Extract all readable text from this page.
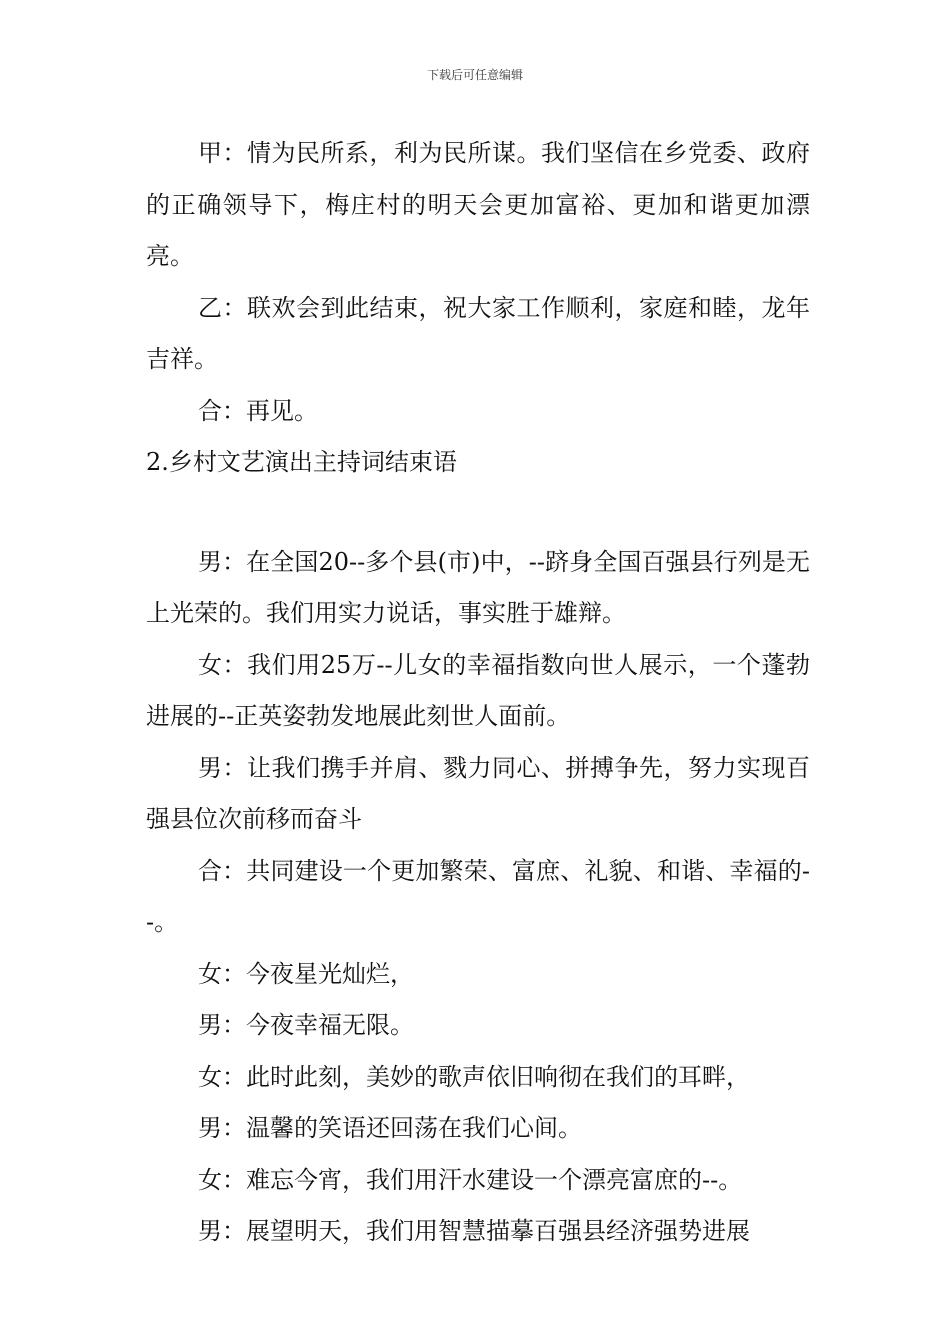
下载后可任意编辑

甲：情为民所系，利为民所谋。我们坚信在乡党委、政府的正确领导下，梅庄村的明天会更加富裕、更加和谐更加漂亮。

乙：联欢会到此结束，祝大家工作顺利，家庭和睦，龙年吉祥。

合：再见。

2.乡村文艺演出主持词结束语

男：在全国20--多个县(市)中，--跻身全国百强县行列是无上光荣的。我们用实力说话，事实胜于雄辩。

女：我们用25万--儿女的幸福指数向世人展示，一个蓬勃进展的--正英姿勃发地展此刻世人面前。

男：让我们携手并肩、戮力同心、拼搏争先，努力实现百强县位次前移而奋斗

合：共同建设一个更加繁荣、富庶、礼貌、和谐、幸福的--。

女：今夜星光灿烂，

男：今夜幸福无限。

女：此时此刻，美妙的歌声依旧响彻在我们的耳畔，

男：温馨的笑语还回荡在我们心间。

女：难忘今宵，我们用汗水建设一个漂亮富庶的--。

男：展望明天，我们用智慧描摹百强县经济强势进展
